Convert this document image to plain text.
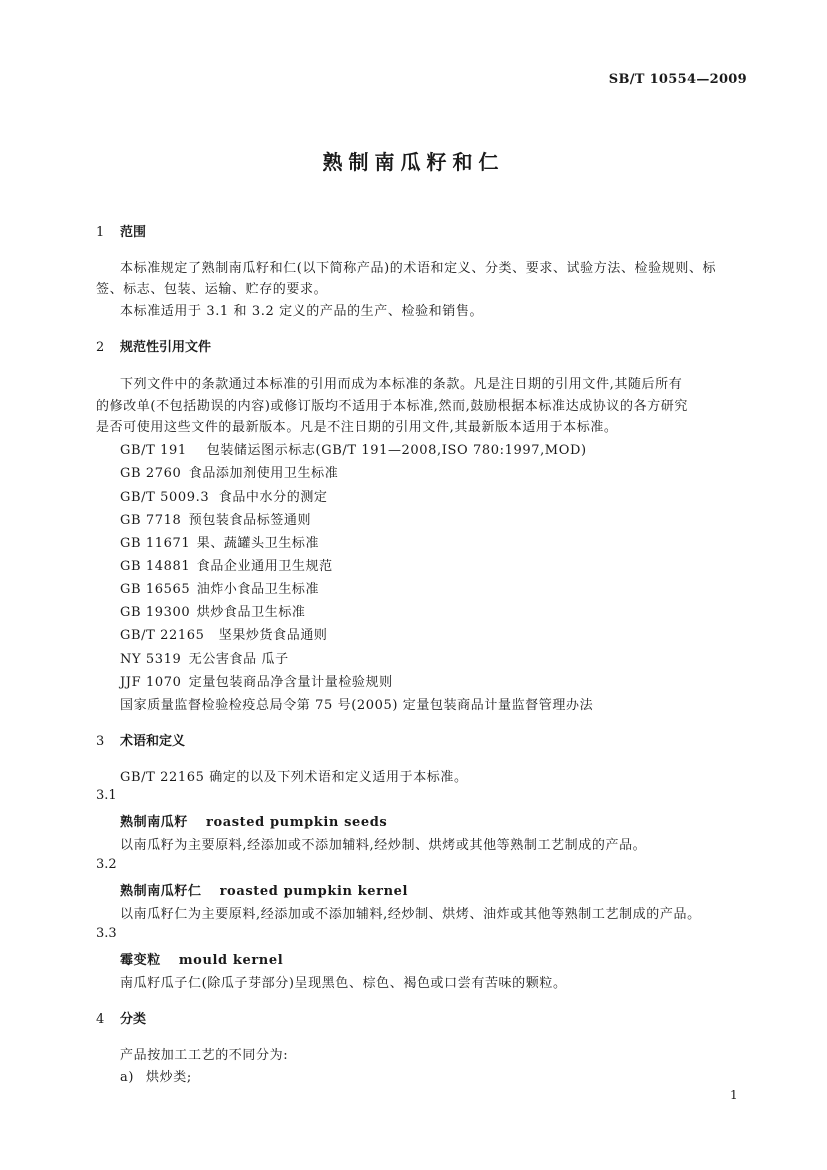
SB/T 10554—2009
熟制南瓜籽和仁
1 范围
本标准规定了熟制南瓜籽和仁(以下简称产品)的术语和定义、分类、要求、试验方法、检验规则、标
签、标志、包装、运输、贮存的要求。
本标准适用于 3.1 和 3.2 定义的产品的生产、检验和销售。
2 规范性引用文件
下列文件中的条款通过本标准的引用而成为本标准的条款。凡是注日期的引用文件,其随后所有
的修改单(不包括勘误的内容)或修订版均不适用于本标准,然而,鼓励根据本标准达成协议的各方研究
是否可使用这些文件的最新版本。凡是不注日期的引用文件,其最新版本适用于本标准。
GB/T 191 包装储运图示标志(GB/T 191—2008,ISO 780:1997,MOD)
GB 2760 食品添加剂使用卫生标准
GB/T 5009.3 食品中水分的测定
GB 7718 预包装食品标签通则
GB 11671 果、蔬罐头卫生标准
GB 14881 食品企业通用卫生规范
GB 16565 油炸小食品卫生标准
GB 19300 烘炒食品卫生标准
GB/T 22165 坚果炒货食品通则
NY 5319 无公害食品 瓜子
JJF 1070 定量包装商品净含量计量检验规则
国家质量监督检验检疫总局令第 75 号(2005) 定量包装商品计量监督管理办法
3 术语和定义
GB/T 22165 确定的以及下列术语和定义适用于本标准。
3.1
熟制南瓜籽 roasted pumpkin seeds
以南瓜籽为主要原料,经添加或不添加辅料,经炒制、烘烤或其他等熟制工艺制成的产品。
3.2
熟制南瓜籽仁 roasted pumpkin kernel
以南瓜籽仁为主要原料,经添加或不添加辅料,经炒制、烘烤、油炸或其他等熟制工艺制成的产品。
3.3
霉变粒 mould kernel
南瓜籽瓜子仁(除瓜子芽部分)呈现黑色、棕色、褐色或口尝有苦味的颗粒。
4 分类
产品按加工工艺的不同分为:
a) 烘炒类;
1
